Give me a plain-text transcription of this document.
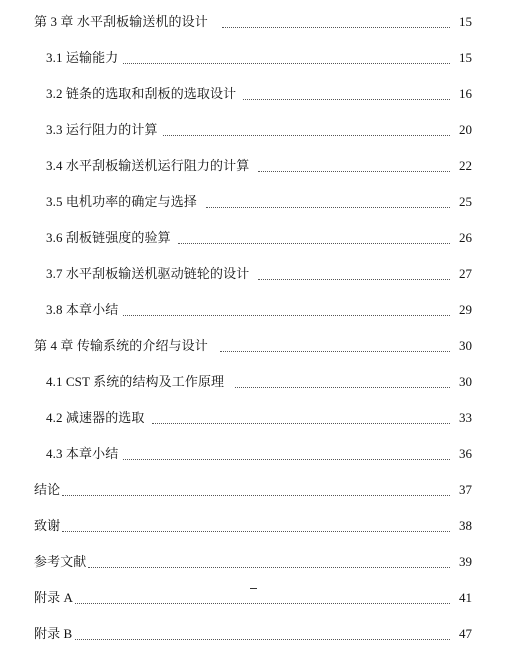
第 3 章 水平刮板输送机的设计	15
3.1 运输能力	15
3.2 链条的选取和刮板的选取设计	16
3.3 运行阻力的计算	20
3.4 水平刮板输送机运行阻力的计算	22
3.5 电机功率的确定与选择	25
3.6 刮板链强度的验算	26
3.7 水平刮板输送机驱动链轮的设计	27
3.8 本章小结	29
第 4 章 传输系统的介绍与设计	30
4.1 CST 系统的结构及工作原理	30
4.2 减速器的选取	33
4.3 本章小结	36
结论	37
致谢	38
参考文献	39
附录 A	41
附录 B	47
